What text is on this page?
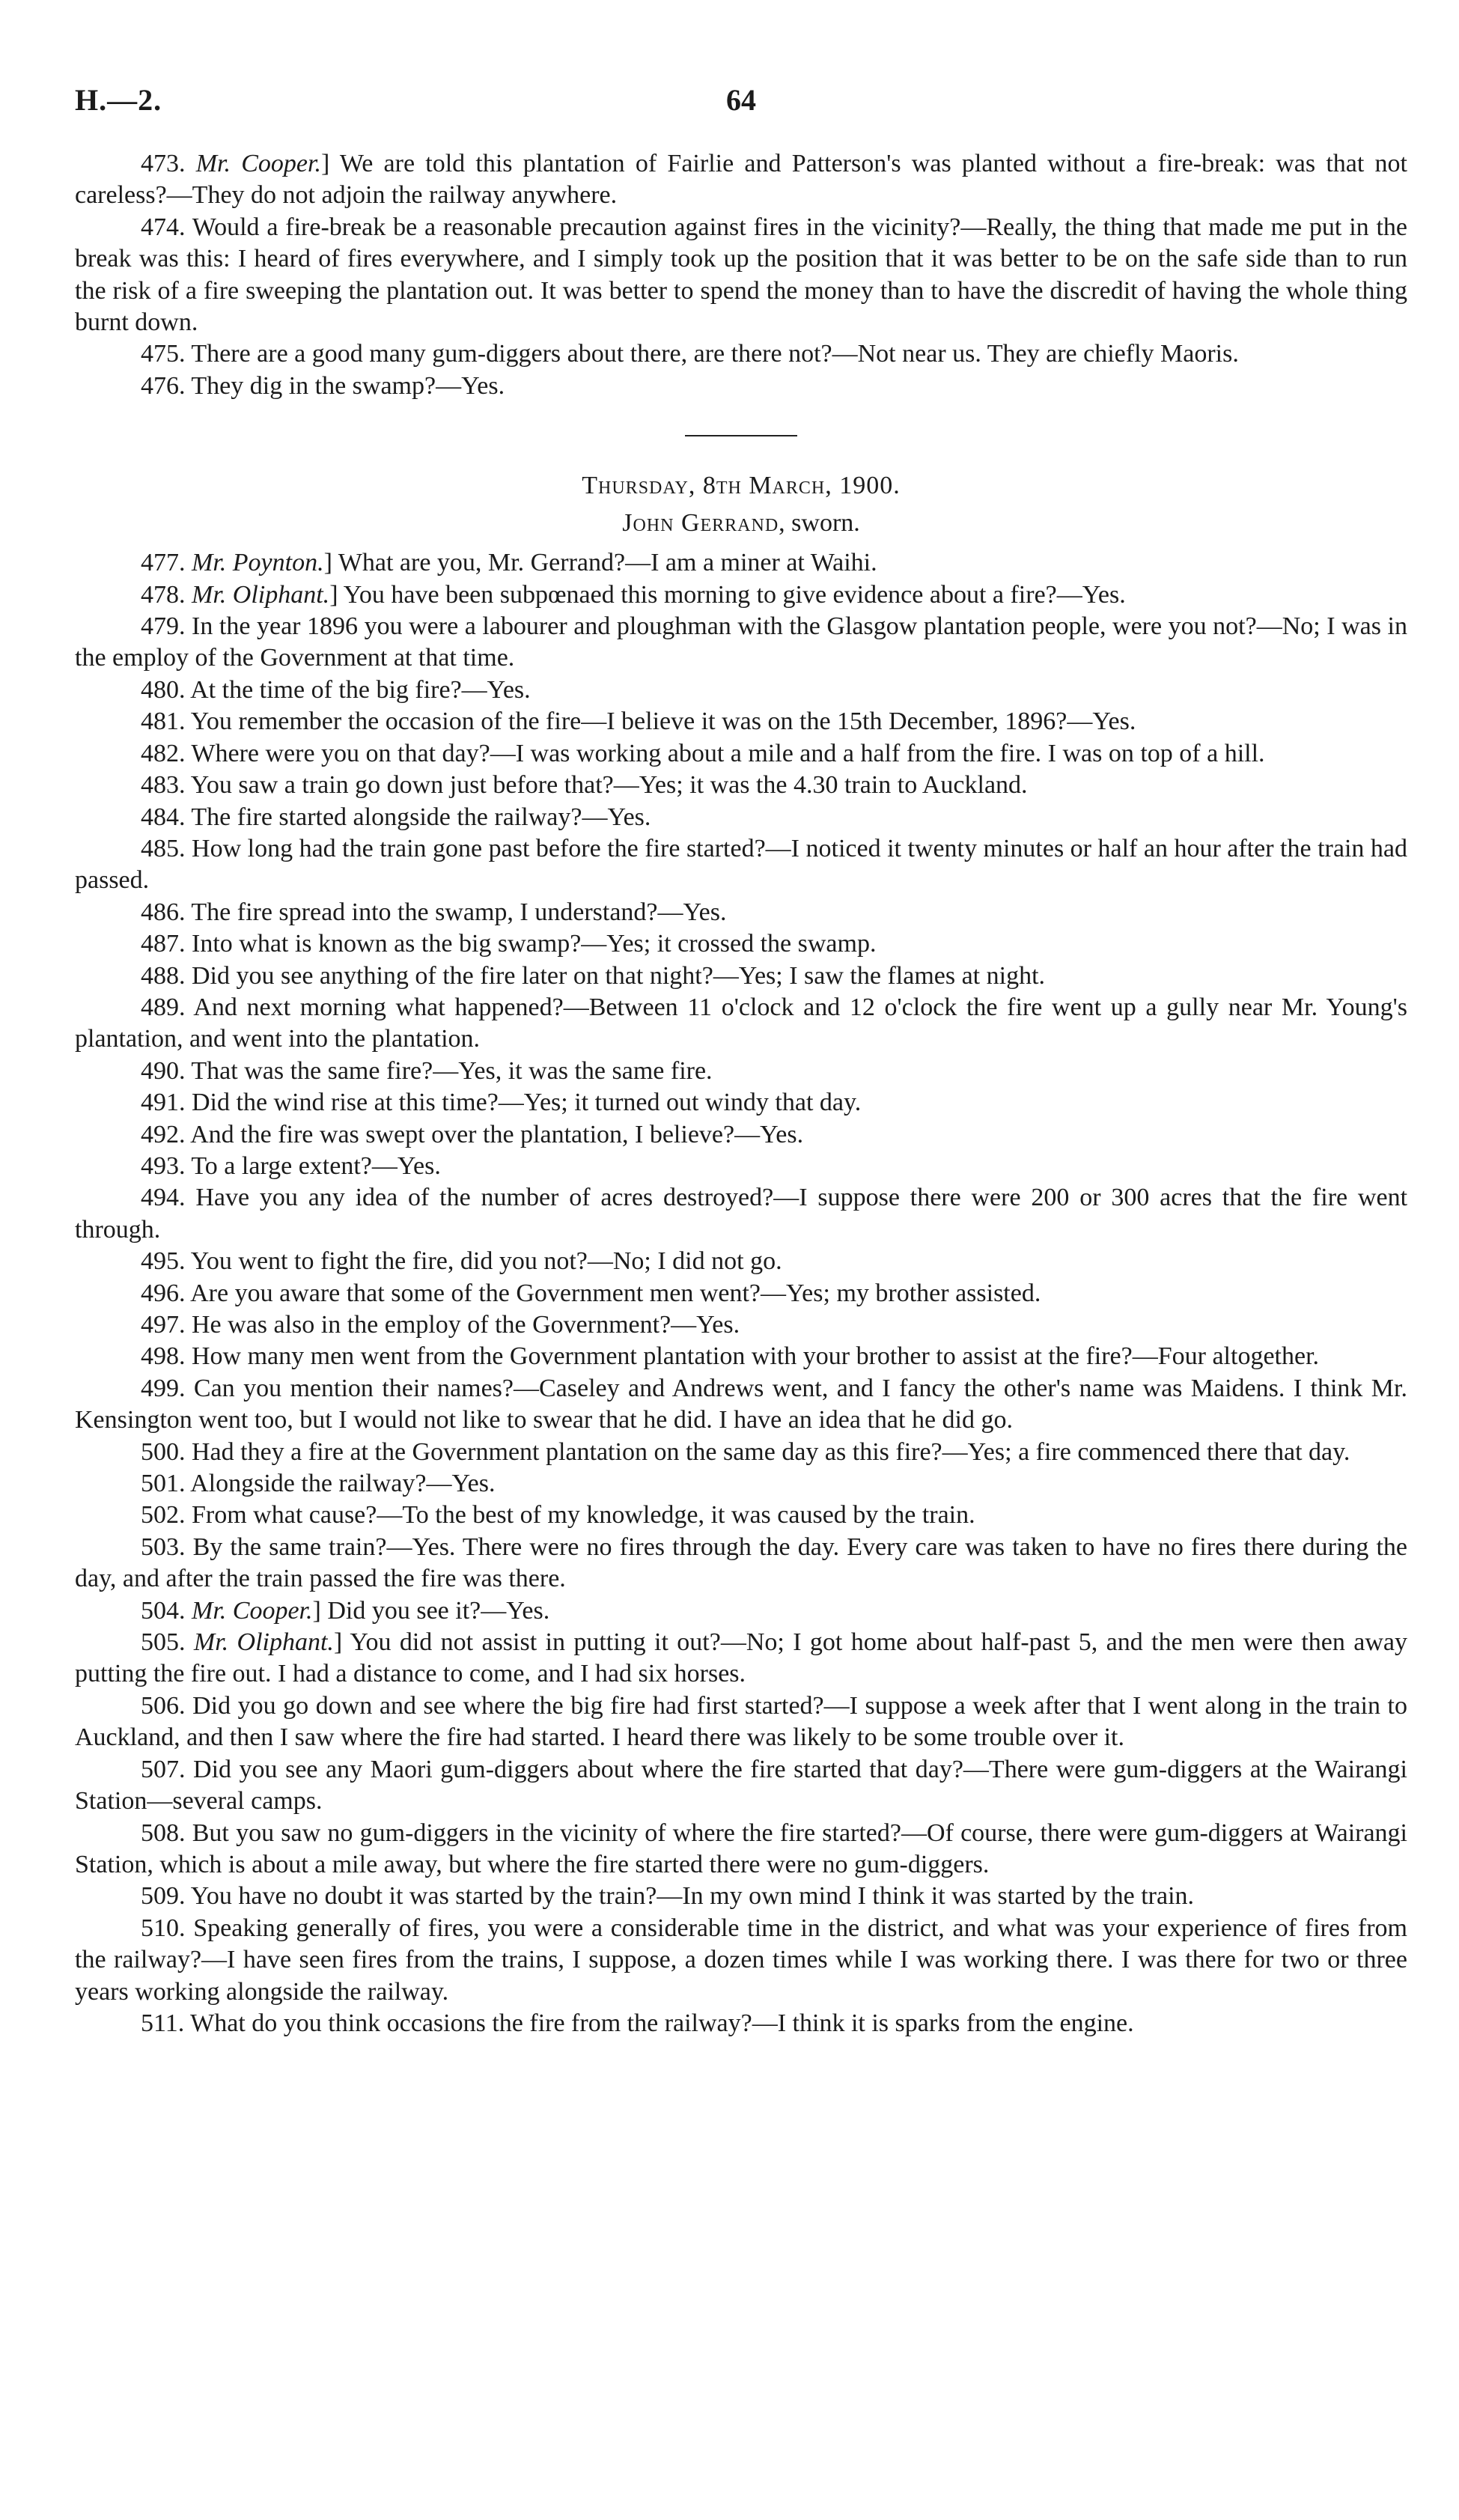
H.—2.	64

473. Mr. Cooper.] We are told this plantation of Fairlie and Patterson's was planted without a fire-break: was that not careless?—They do not adjoin the railway anywhere.

474. Would a fire-break be a reasonable precaution against fires in the vicinity?—Really, the thing that made me put in the break was this: I heard of fires everywhere, and I simply took up the position that it was better to be on the safe side than to run the risk of a fire sweeping the plantation out. It was better to spend the money than to have the discredit of having the whole thing burnt down.

475. There are a good many gum-diggers about there, are there not?—Not near us. They are chiefly Maoris.

476. They dig in the swamp?—Yes.

Thursday, 8th March, 1900.

John Gerrand, sworn.

477. Mr. Poynton.] What are you, Mr. Gerrand?—I am a miner at Waihi.

478. Mr. Oliphant.] You have been subpœnaed this morning to give evidence about a fire?—Yes.

479. In the year 1896 you were a labourer and ploughman with the Glasgow plantation people, were you not?—No; I was in the employ of the Government at that time.

480. At the time of the big fire?—Yes.

481. You remember the occasion of the fire—I believe it was on the 15th December, 1896?—Yes.

482. Where were you on that day?—I was working about a mile and a half from the fire. I was on top of a hill.

483. You saw a train go down just before that?—Yes; it was the 4.30 train to Auckland.

484. The fire started alongside the railway?—Yes.

485. How long had the train gone past before the fire started?—I noticed it twenty minutes or half an hour after the train had passed.

486. The fire spread into the swamp, I understand?—Yes.

487. Into what is known as the big swamp?—Yes; it crossed the swamp.

488. Did you see anything of the fire later on that night?—Yes; I saw the flames at night.

489. And next morning what happened?—Between 11 o'clock and 12 o'clock the fire went up a gully near Mr. Young's plantation, and went into the plantation.

490. That was the same fire?—Yes, it was the same fire.

491. Did the wind rise at this time?—Yes; it turned out windy that day.

492. And the fire was swept over the plantation, I believe?—Yes.

493. To a large extent?—Yes.

494. Have you any idea of the number of acres destroyed?—I suppose there were 200 or 300 acres that the fire went through.

495. You went to fight the fire, did you not?—No; I did not go.

496. Are you aware that some of the Government men went?—Yes; my brother assisted.

497. He was also in the employ of the Government?—Yes.

498. How many men went from the Government plantation with your brother to assist at the fire?—Four altogether.

499. Can you mention their names?—Caseley and Andrews went, and I fancy the other's name was Maidens. I think Mr. Kensington went too, but I would not like to swear that he did. I have an idea that he did go.

500. Had they a fire at the Government plantation on the same day as this fire?—Yes; a fire commenced there that day.

501. Alongside the railway?—Yes.

502. From what cause?—To the best of my knowledge, it was caused by the train.

503. By the same train?—Yes. There were no fires through the day. Every care was taken to have no fires there during the day, and after the train passed the fire was there.

504. Mr. Cooper.] Did you see it?—Yes.

505. Mr. Oliphant.] You did not assist in putting it out?—No; I got home about half-past 5, and the men were then away putting the fire out. I had a distance to come, and I had six horses.

506. Did you go down and see where the big fire had first started?—I suppose a week after that I went along in the train to Auckland, and then I saw where the fire had started. I heard there was likely to be some trouble over it.

507. Did you see any Maori gum-diggers about where the fire started that day?—There were gum-diggers at the Wairangi Station—several camps.

508. But you saw no gum-diggers in the vicinity of where the fire started?—Of course, there were gum-diggers at Wairangi Station, which is about a mile away, but where the fire started there were no gum-diggers.

509. You have no doubt it was started by the train?—In my own mind I think it was started by the train.

510. Speaking generally of fires, you were a considerable time in the district, and what was your experience of fires from the railway?—I have seen fires from the trains, I suppose, a dozen times while I was working there. I was there for two or three years working alongside the railway.

511. What do you think occasions the fire from the railway?—I think it is sparks from the engine.
